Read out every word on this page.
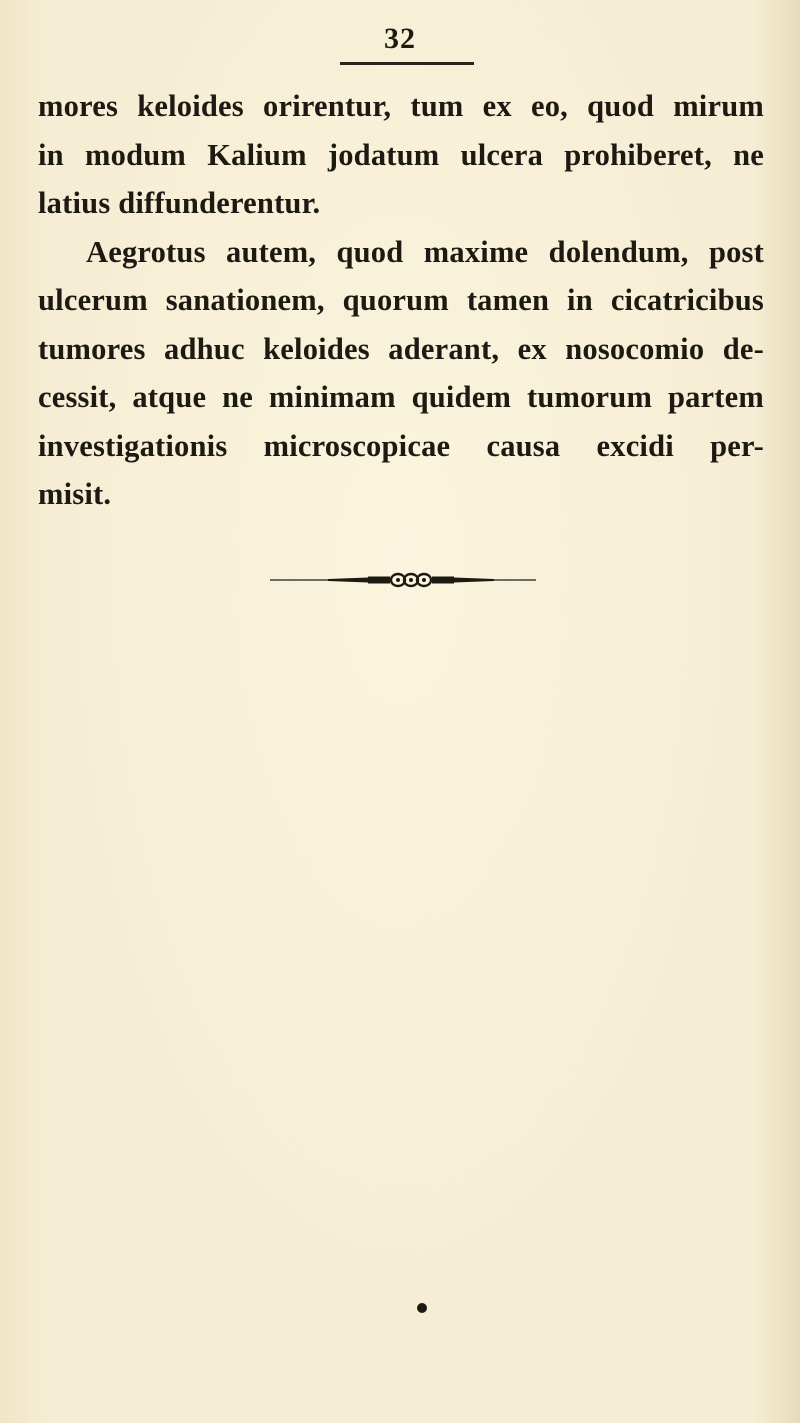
32
mores keloides orirentur, tum ex eo, quod mirum
in modum Kalium jodatum ulcera prohiberet, ne
latius diffunderentur.
Aegrotus autem, quod maxime dolendum, post
ulcerum sanationem, quorum tamen in cicatricibus
tumores adhuc keloides aderant, ex nosocomio de-
cessit, atque ne minimam quidem tumorum partem
investigationis microscopicae causa excidi per-
misit.
